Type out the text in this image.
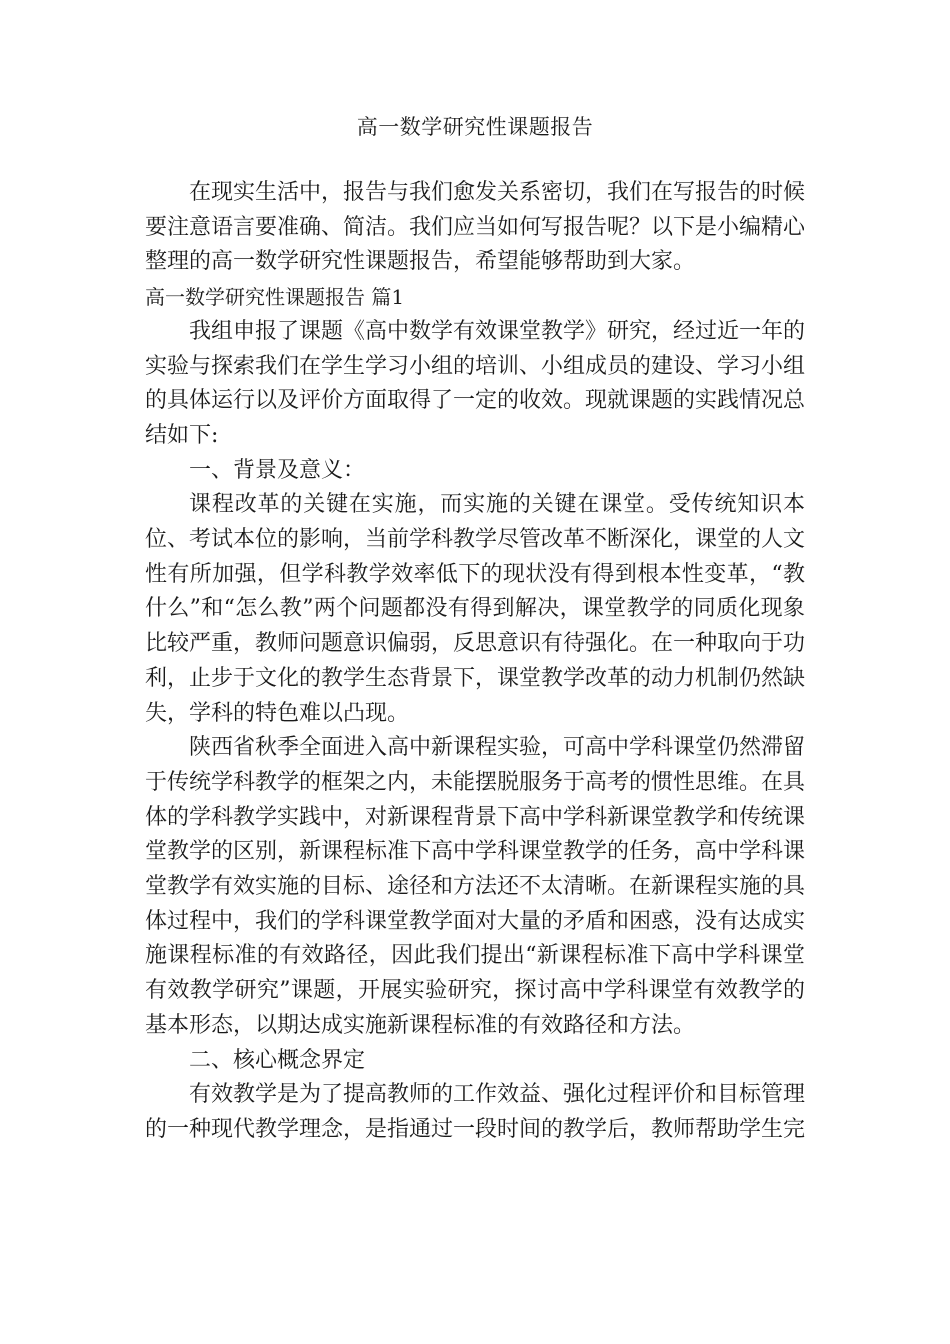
高一数学研究性课题报告

在现实生活中，报告与我们愈发关系密切，我们在写报告的时候要注意语言要准确、简洁。我们应当如何写报告呢？以下是小编精心整理的高一数学研究性课题报告，希望能够帮助到大家。

高一数学研究性课题报告 篇1

我组申报了课题《高中数学有效课堂教学》研究，经过近一年的实验与探索我们在学生学习小组的培训、小组成员的建设、学习小组的具体运行以及评价方面取得了一定的收效。现就课题的实践情况总结如下:

一、背景及意义：

课程改革的关键在实施，而实施的关键在课堂。受传统知识本位、考试本位的影响，当前学科教学尽管改革不断深化，课堂的人文性有所加强，但学科教学效率低下的现状没有得到根本性变革，“教什么”和“怎么教”两个问题都没有得到解决，课堂教学的同质化现象比较严重，教师问题意识偏弱，反思意识有待强化。在一种取向于功利，止步于文化的教学生态背景下，课堂教学改革的动力机制仍然缺失，学科的特色难以凸现。

陕西省秋季全面进入高中新课程实验，可高中学科课堂仍然滞留于传统学科教学的框架之内，未能摆脱服务于高考的惯性思维。在具体的学科教学实践中，对新课程背景下高中学科新课堂教学和传统课堂教学的区别，新课程标准下高中学科课堂教学的任务，高中学科课堂教学有效实施的目标、途径和方法还不太清晰。在新课程实施的具体过程中，我们的学科课堂教学面对大量的矛盾和困惑，没有达成实施课程标准的有效路径，因此我们提出“新课程标准下高中学科课堂有效教学研究”课题，开展实验研究，探讨高中学科课堂有效教学的基本形态，以期达成实施新课程标准的有效路径和方法。

二、核心概念界定

有效教学是为了提高教师的工作效益、强化过程评价和目标管理的一种现代教学理念，是指通过一段时间的教学后，教师帮助学生完
